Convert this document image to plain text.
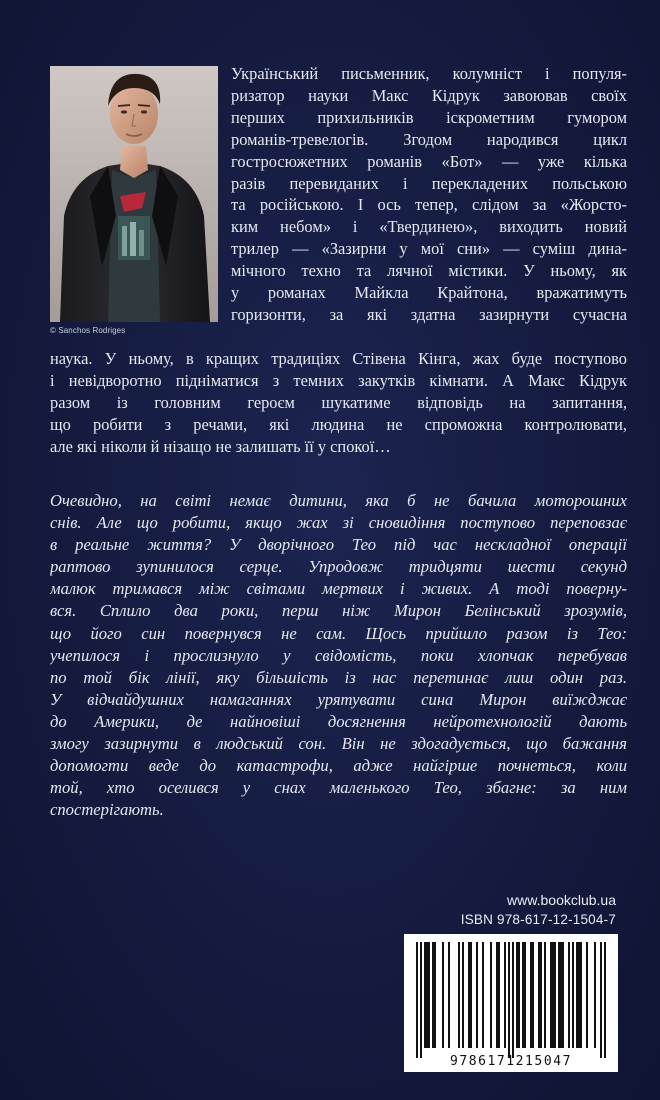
© Sanchos Rodriges
Український письменник, колумніст і популя-
ризатор науки Макс Кідрук завоював своїх
перших прихильників іскрометним гумором
романів-тревелогів. Згодом народився цикл
гостросюжетних романів «Бот» — уже кілька
разів перевиданих і перекладених польською
та російською. І ось тепер, слідом за «Жорсто-
ким небом» і «Твердинею», виходить новий
трилер — «Зазирни у мої сни» — суміш дина-
мічного техно та лячної містики. У ньому, як
у романах Майкла Крайтона, вражатимуть
горизонти, за які здатна зазирнути сучасна
наука. У ньому, в кращих традиціях Стівена Кінга, жах буде поступово
і невідворотно підніматися з темних закутків кімнати. А Макс Кідрук
разом із головним героєм шукатиме відповідь на запитання,
що робити з речами, які людина не спроможна контролювати,
але які ніколи й нізащо не залишать її у спокої…
Очевидно, на світі немає дитини, яка б не бачила моторошних
снів. Але що робити, якщо жах зі сновидіння поступово переповзає
в реальне життя? У дворічного Тео під час нескладної операції
раптово зупинилося серце. Упродовж тридцяти шести секунд
малюк тримався між світами мертвих і живих. А тоді поверну-
вся. Сплило два роки, перш ніж Мирон Белінський зрозумів,
що його син повернувся не сам. Щось прийшло разом із Тео:
учепилося і прослизнуло у свідомість, поки хлопчак перебував
по той бік лінії, яку більшість із нас перетинає лиш один раз.
У відчайдушних намаганнях урятувати сина Мирон виїжджає
до Америки, де найновіші досягнення нейротехнологій дають
змогу зазирнути в людський сон. Він не здогадується, що бажання
допомогти веде до катастрофи, адже найгірше почнеться, коли
той, хто оселився у снах маленького Тео, збагне: за ним
спостерігають.
www.bookclub.ua
ISBN 978-617-12-1504-7
9786171215047
